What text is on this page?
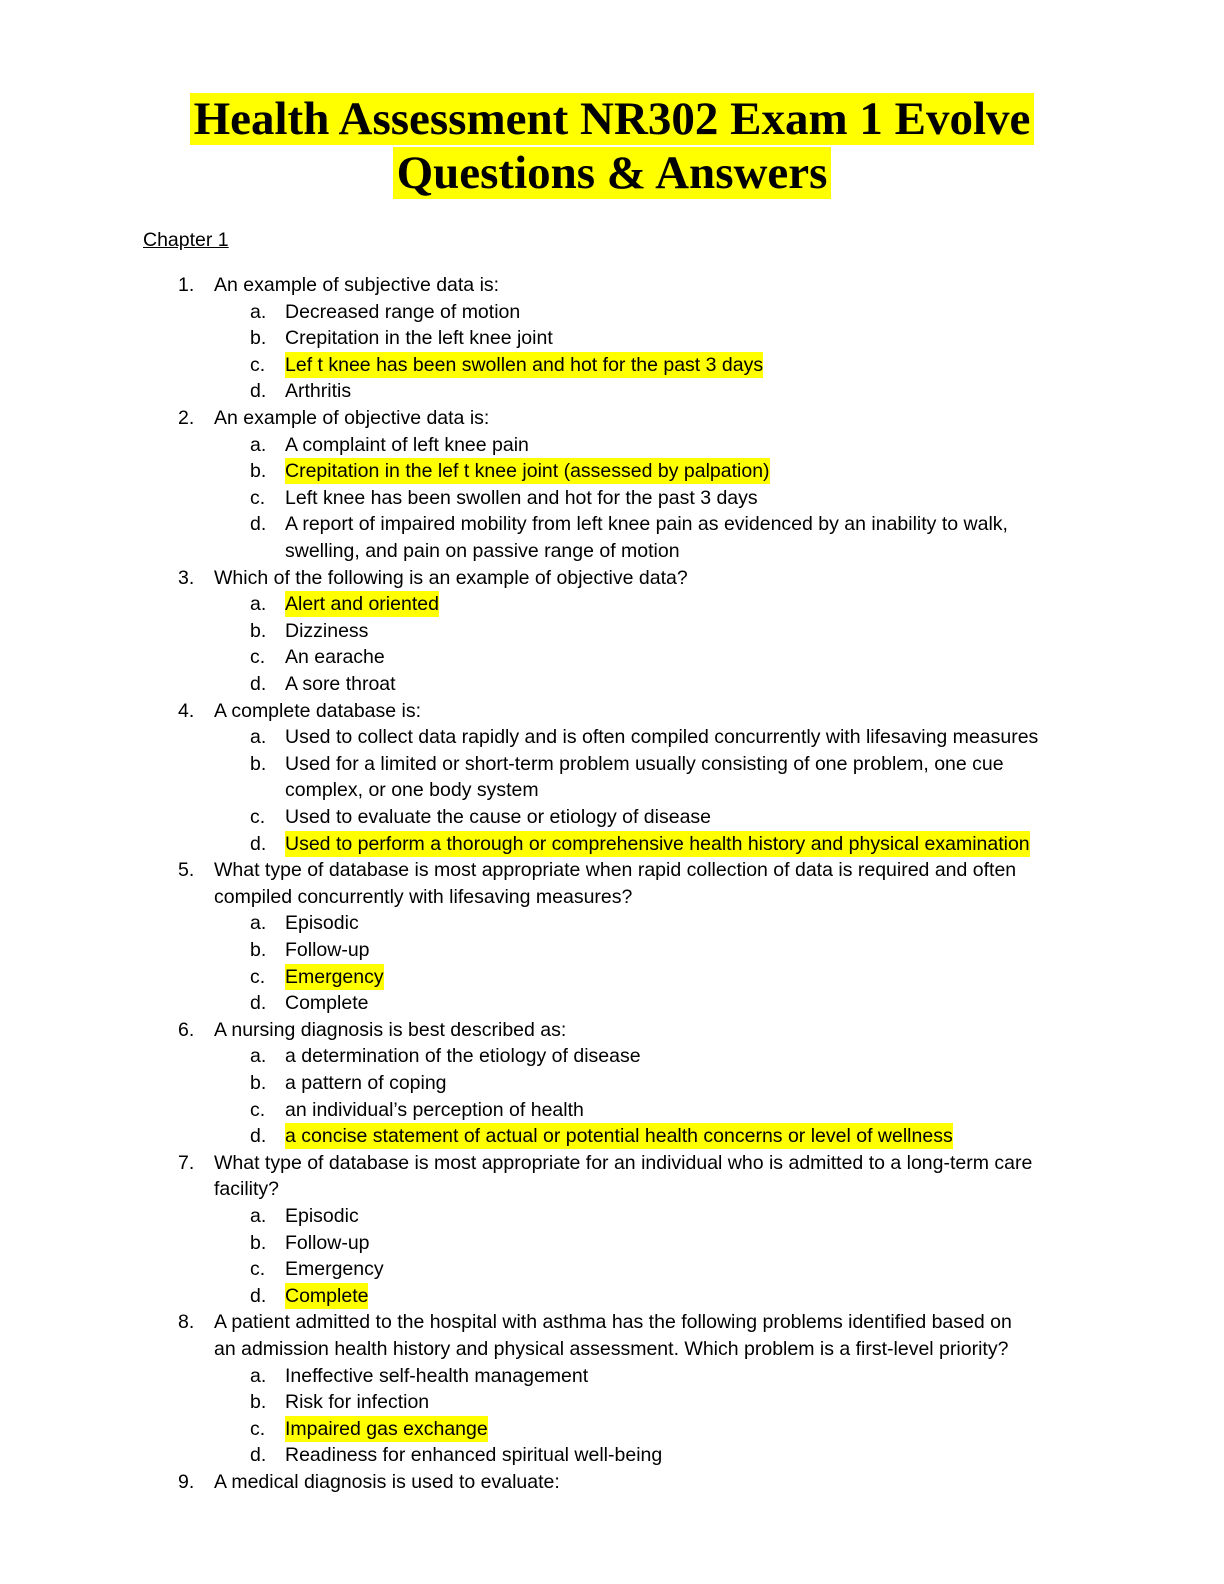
Health Assessment NR302 Exam 1 Evolve
Questions & Answers
Chapter 1
1. An example of subjective data is:
a. Decreased range of motion
b. Crepitation in the left knee joint
c. Lef t knee has been swollen and hot for the past 3 days
d. Arthritis
2. An example of objective data is:
a. A complaint of left knee pain
b. Crepitation in the lef t knee joint (assessed by palpation)
c. Left knee has been swollen and hot for the past 3 days
d. A report of impaired mobility from left knee pain as evidenced by an inability to walk,
swelling, and pain on passive range of motion
3. Which of the following is an example of objective data?
a. Alert and oriented
b. Dizziness
c. An earache
d. A sore throat
4. A complete database is:
a. Used to collect data rapidly and is often compiled concurrently with lifesaving measures
b. Used for a limited or short-term problem usually consisting of one problem, one cue
complex, or one body system
c. Used to evaluate the cause or etiology of disease
d. Used to perform a thorough or comprehensive health history and physical examination
5. What type of database is most appropriate when rapid collection of data is required and often
compiled concurrently with lifesaving measures?
a. Episodic
b. Follow-up
c. Emergency
d. Complete
6. A nursing diagnosis is best described as:
a. a determination of the etiology of disease
b. a pattern of coping
c. an individual’s perception of health
d. a concise statement of actual or potential health concerns or level of wellness
7. What type of database is most appropriate for an individual who is admitted to a long-term care
facility?
a. Episodic
b. Follow-up
c. Emergency
d. Complete
8. A patient admitted to the hospital with asthma has the following problems identified based on
an admission health history and physical assessment. Which problem is a first-level priority?
a. Ineffective self-health management
b. Risk for infection
c. Impaired gas exchange
d. Readiness for enhanced spiritual well-being
9. A medical diagnosis is used to evaluate:
